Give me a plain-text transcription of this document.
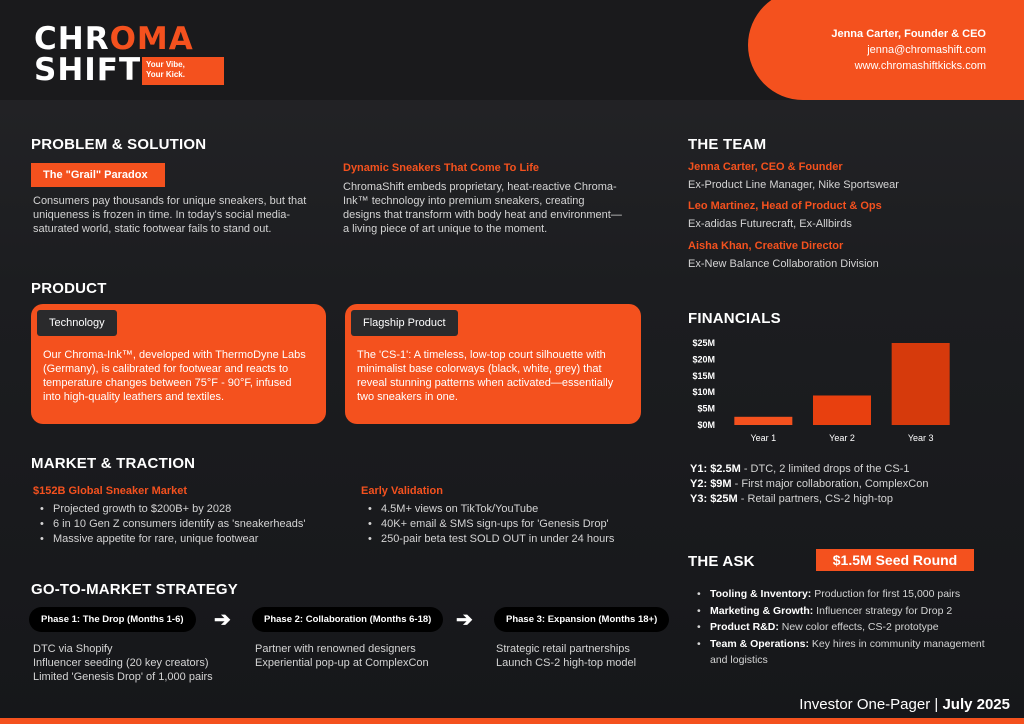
CHROMA
SHIFT Your Vibe,
Your Kick.
Jenna Carter, Founder & CEO
jenna@chromashift.com
www.chromashiftkicks.com
PROBLEM & SOLUTION
The "Grail" Paradox
Consumers pay thousands for unique sneakers, but that uniqueness is frozen in time. In today's social media-saturated world, static footwear fails to stand out.
Dynamic Sneakers That Come To Life
ChromaShift embeds proprietary, heat-reactive Chroma-Ink™ technology into premium sneakers, creating designs that transform with body heat and environment—a living piece of art unique to the moment.
PRODUCT
Technology
Our Chroma-Ink™, developed with ThermoDyne Labs (Germany), is calibrated for footwear and reacts to temperature changes between 75°F - 90°F, infused into high-quality leathers and textiles.
Flagship Product
The 'CS-1': A timeless, low-top court silhouette with minimalist base colorways (black, white, grey) that reveal stunning patterns when activated—essentially two sneakers in one.
MARKET & TRACTION
$152B Global Sneaker Market
• Projected growth to $200B+ by 2028
• 6 in 10 Gen Z consumers identify as 'sneakerheads'
• Massive appetite for rare, unique footwear
Early Validation
• 4.5M+ views on TikTok/YouTube
• 40K+ email & SMS sign-ups for 'Genesis Drop'
• 250-pair beta test SOLD OUT in under 24 hours
GO-TO-MARKET STRATEGY
Phase 1: The Drop (Months 1-6)	➔	Phase 2: Collaboration (Months 6-18)	➔	Phase 3: Expansion (Months 18+)
DTC via Shopify
Influencer seeding (20 key creators)
Limited 'Genesis Drop' of 1,000 pairs
Partner with renowned designers
Experiential pop-up at ComplexCon
Strategic retail partnerships
Launch CS-2 high-top model
THE TEAM
Jenna Carter, CEO & Founder
Ex-Product Line Manager, Nike Sportswear
Leo Martinez, Head of Product & Ops
Ex-adidas Futurecraft, Ex-Allbirds
Aisha Khan, Creative Director
Ex-New Balance Collaboration Division
FINANCIALS
$0M
$5M
$10M
$15M
$20M
$25M
Year 1	Year 2	Year 3
Y1: $2.5M - DTC, 2 limited drops of the CS-1
Y2: $9M - First major collaboration, ComplexCon
Y3: $25M - Retail partners, CS-2 high-top
THE ASK	$1.5M Seed Round
• Tooling & Inventory: Production for first 15,000 pairs
• Marketing & Growth: Influencer strategy for Drop 2
• Product R&D: New color effects, CS-2 prototype
• Team & Operations: Key hires in community management and logistics
Investor One-Pager | July 2025
